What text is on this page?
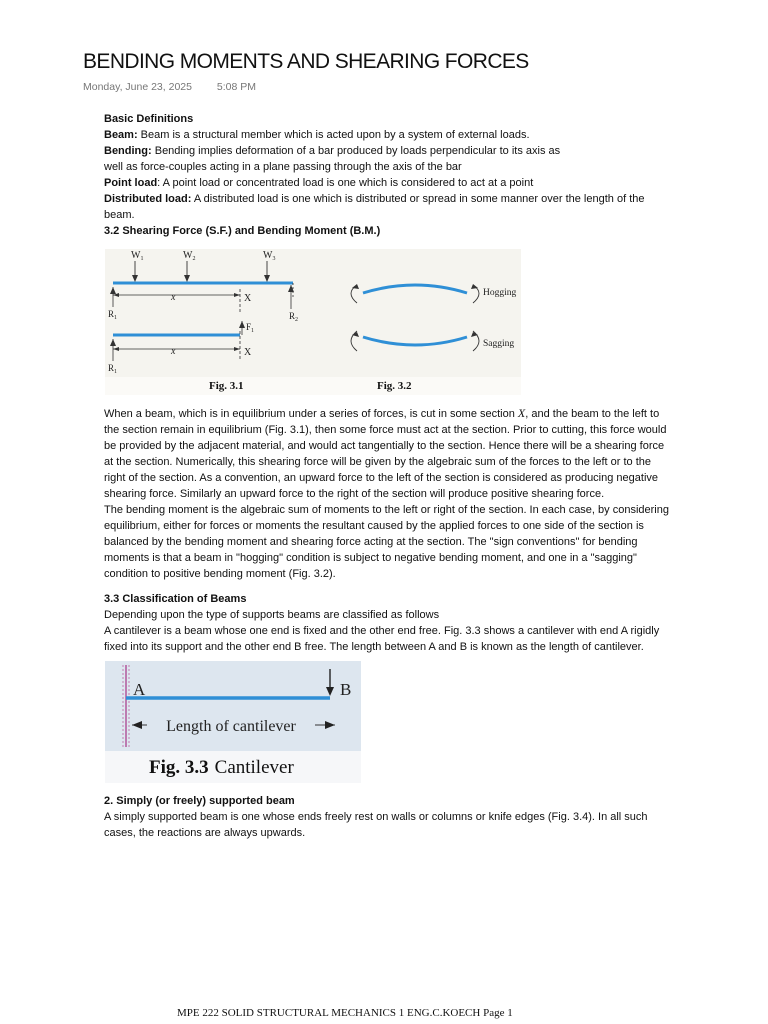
BENDING MOMENTS AND SHEARING FORCES
Monday, June 23, 2025 5:08 PM

Basic Definitions

Beam: Beam is a structural member which is acted upon by a system of external loads.

Bending: Bending implies deformation of a bar produced by loads perpendicular to its axis as

well as force-couples acting in a plane passing through the axis of the bar

Point load: A point load or concentrated load is one which is considered to act at a point

Distributed load: A distributed load is one which is distributed or spread in some manner over the length of the beam.

3.2 Shearing Force (S.F.) and Bending Moment (B.M.)

$W_1$	$W_2$	$W_3$
x	X
$R_1$	$R_2$
$F_1$
x	X
$R_1$
Hogging
Sagging
Fig. 3.1	Fig. 3.2

When a beam, which is in equilibrium under a series of forces, is cut in some section X, and the beam to the left to the section remain in equilibrium (Fig. 3.1), then some force must act at the section. Prior to cutting, this force would be provided by the adjacent material, and would act tangentially to the section. Hence there will be a shearing force at the section. Numerically, this shearing force will be given by the algebraic sum of the forces to the left or to the right of the section. As a convention, an upward force to the left of the section is considered as producing negative shearing force. Similarly an upward force to the right of the section will produce positive shearing force.

The bending moment is the algebraic sum of moments to the left or right of the section. In each case, by considering equilibrium, either for forces or moments the resultant caused by the applied forces to one side of the section is balanced by the bending moment and shearing force acting at the section. The "sign conventions" for bending moments is that a beam in "hogging" condition is subject to negative bending moment, and one in a "sagging" condition to positive bending moment (Fig. 3.2).

3.3 Classification of Beams

Depending upon the type of supports beams are classified as follows

A cantilever is a beam whose one end is fixed and the other end free. Fig. 3.3 shows a cantilever with end A rigidly fixed into its support and the other end B free. The length between A and B is known as the length of cantilever.

A	B
Length of cantilever
Fig. 3.3 Cantilever

2. Simply (or freely) supported beam

A simply supported beam is one whose ends freely rest on walls or columns or knife edges (Fig. 3.4). In all such cases, the reactions are always upwards.

MPE 222 SOLID STRUCTURAL MECHANICS 1 ENG.C.KOECH Page 1
